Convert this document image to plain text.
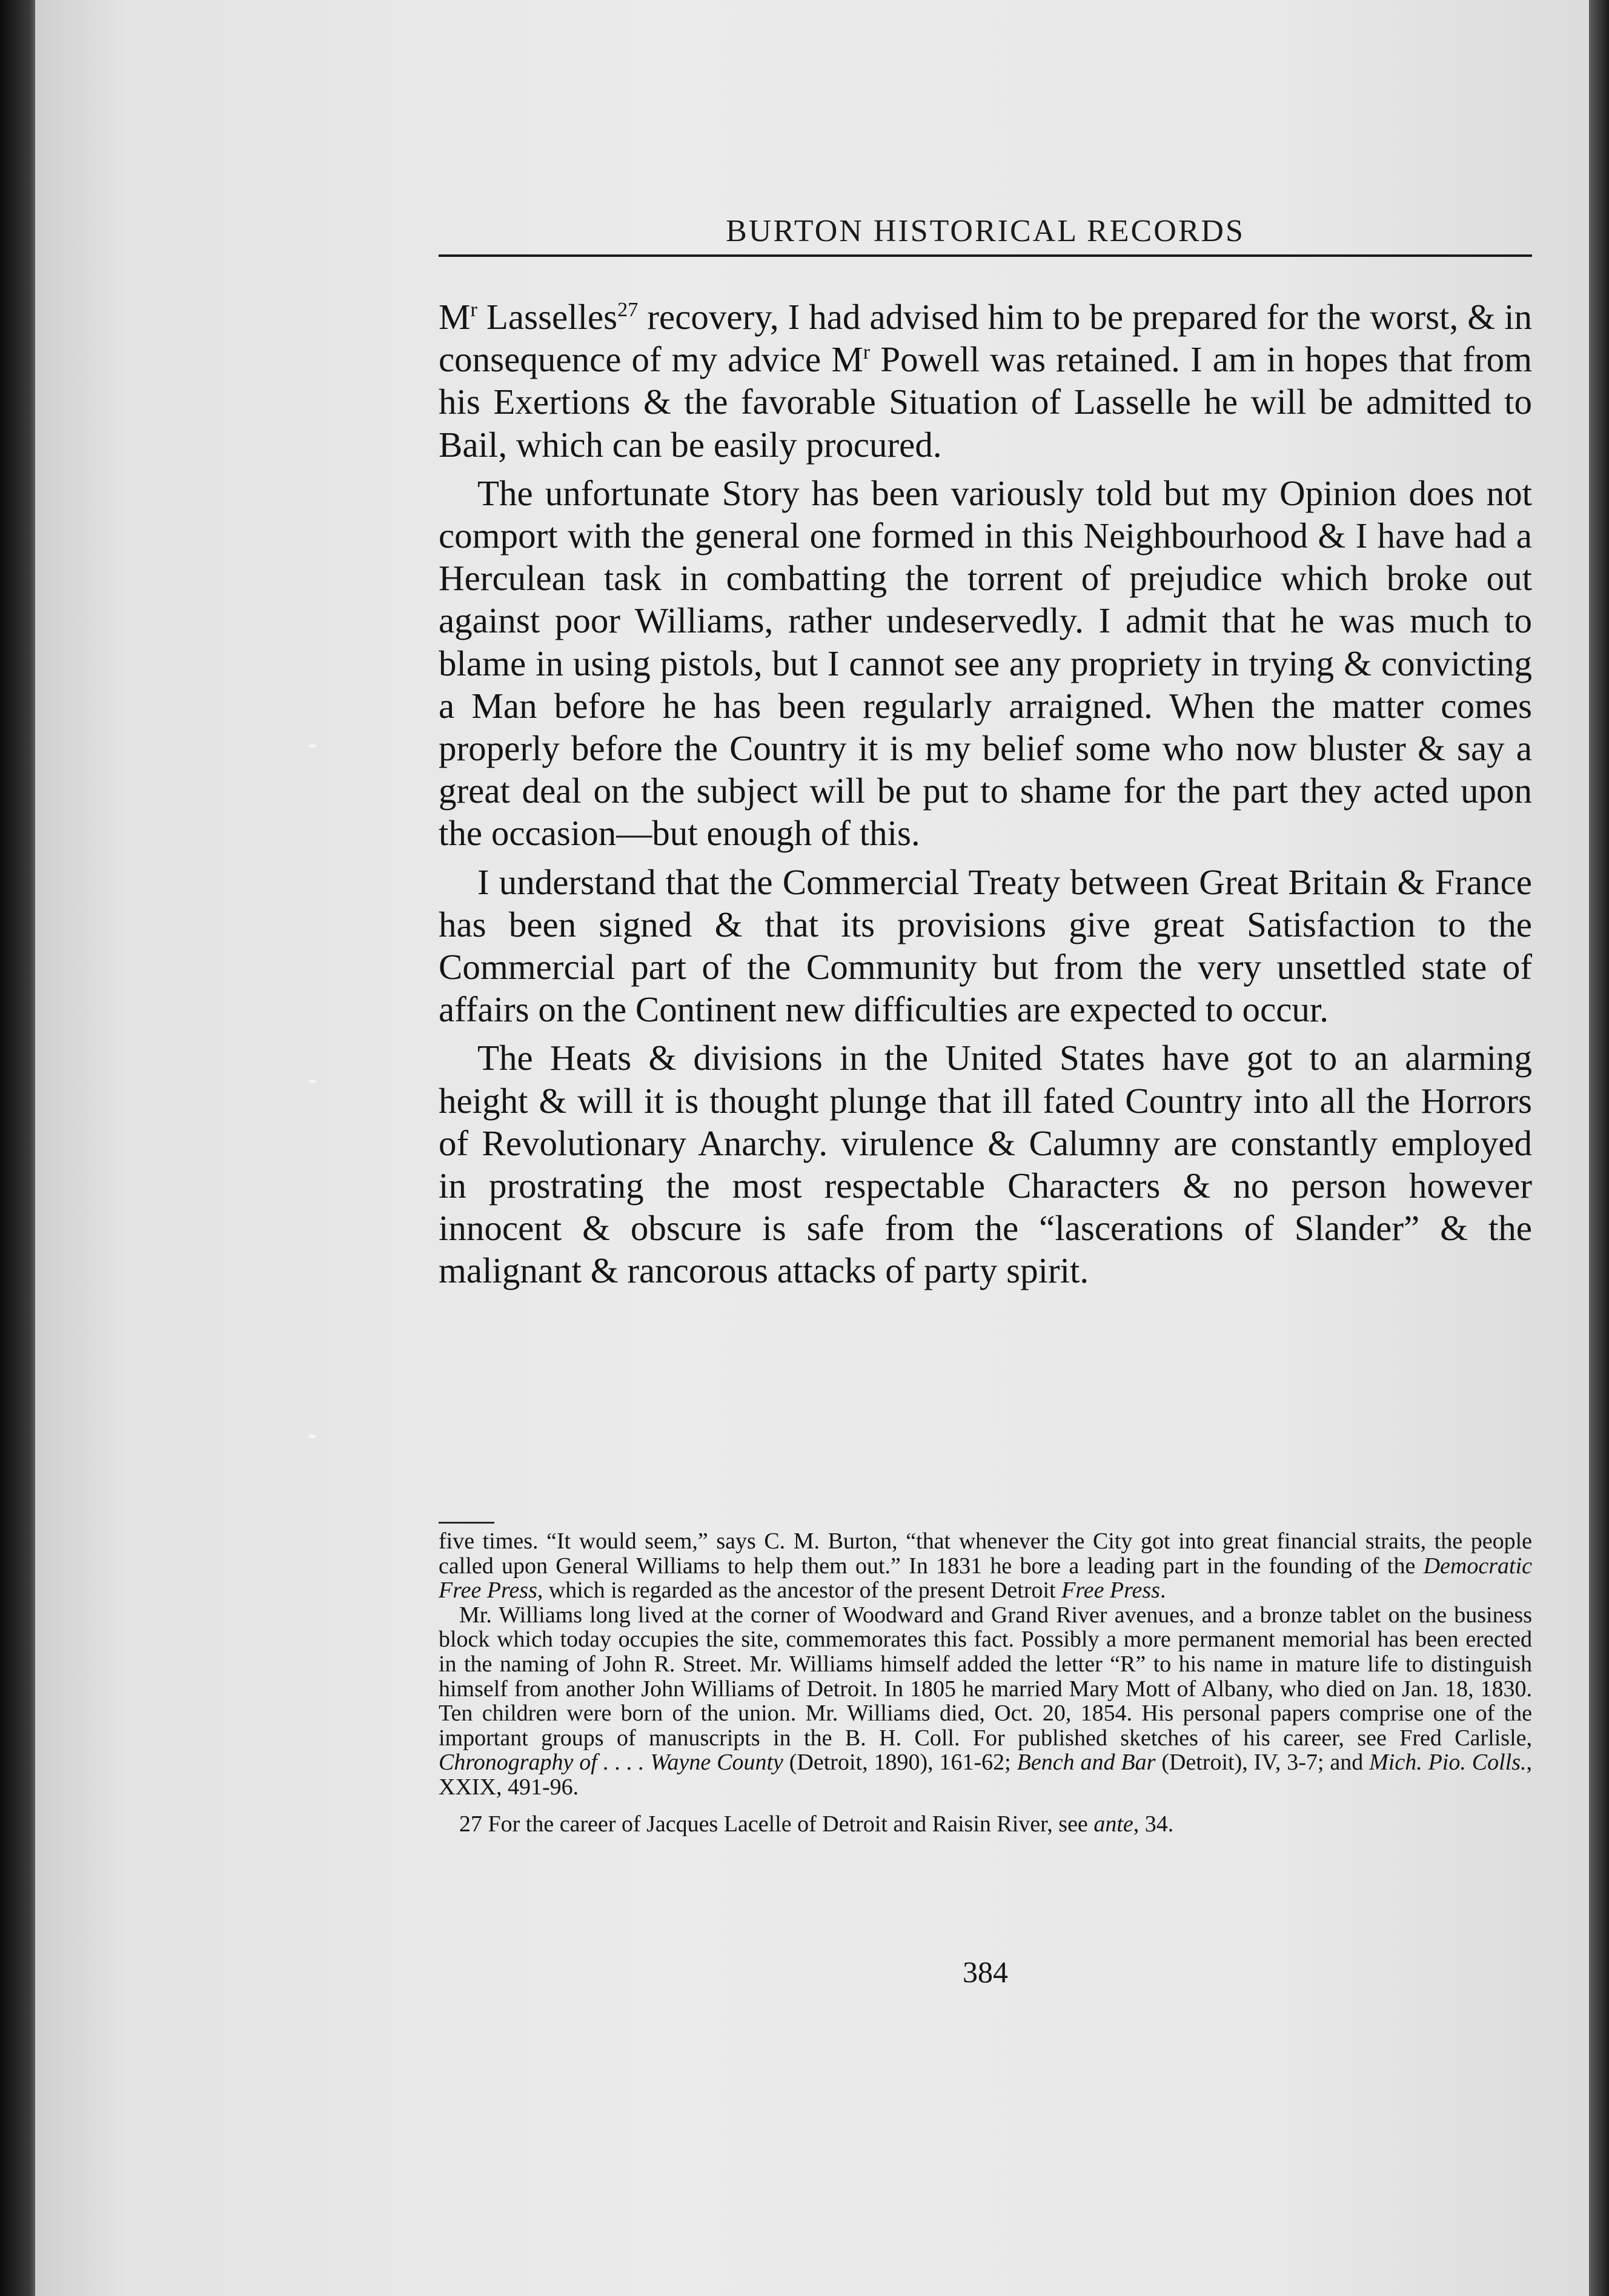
BURTON HISTORICAL RECORDS

$M^r$ Lasselles$^{27}$ recovery, I had advised him to be prepared for the worst, & in consequence of my advice $M^r$ Powell was retained. I am in hopes that from his Exertions & the favorable Situation of Lasselle he will be admitted to Bail, which can be easily procured.

The unfortunate Story has been variously told but my Opinion does not comport with the general one formed in this Neighbourhood & I have had a Herculean task in combatting the torrent of prejudice which broke out against poor Williams, rather undeservedly. I admit that he was much to blame in using pistols, but I cannot see any propriety in trying & convicting a Man before he has been regularly arraigned. When the matter comes properly before the Country it is my belief some who now bluster & say a great deal on the subject will be put to shame for the part they acted upon the occasion—but enough of this.

I understand that the Commercial Treaty between Great Britain & France has been signed & that its provisions give great Satisfaction to the Commercial part of the Community but from the very unsettled state of affairs on the Continent new difficulties are expected to occur.

The Heats & divisions in the United States have got to an alarming height & will it is thought plunge that ill fated Country into all the Horrors of Revolutionary Anarchy. virulence & Calumny are constantly employed in prostrating the most respectable Characters & no person however innocent & obscure is safe from the “lascerations of Slander” & the malignant & rancorous attacks of party spirit.

five times. “It would seem,” says C. M. Burton, “that whenever the City got into great financial straits, the people called upon General Williams to help them out.” In 1831 he bore a leading part in the founding of the Democratic Free Press, which is regarded as the ancestor of the present Detroit Free Press.

Mr. Williams long lived at the corner of Woodward and Grand River avenues, and a bronze tablet on the business block which today occupies the site, commemorates this fact. Possibly a more permanent memorial has been erected in the naming of John R. Street. Mr. Williams himself added the letter “R” to his name in mature life to distinguish himself from another John Williams of Detroit. In 1805 he married Mary Mott of Albany, who died on Jan. 18, 1830. Ten children were born of the union. Mr. Williams died, Oct. 20, 1854. His personal papers comprise one of the important groups of manuscripts in the B. H. Coll. For published sketches of his career, see Fred Carlisle, Chronography of . . . . Wayne County (Detroit, 1890), 161-62; Bench and Bar (Detroit), IV, 3-7; and Mich. Pio. Colls., XXIX, 491-96.

27 For the career of Jacques Lacelle of Detroit and Raisin River, see ante, 34.

384
